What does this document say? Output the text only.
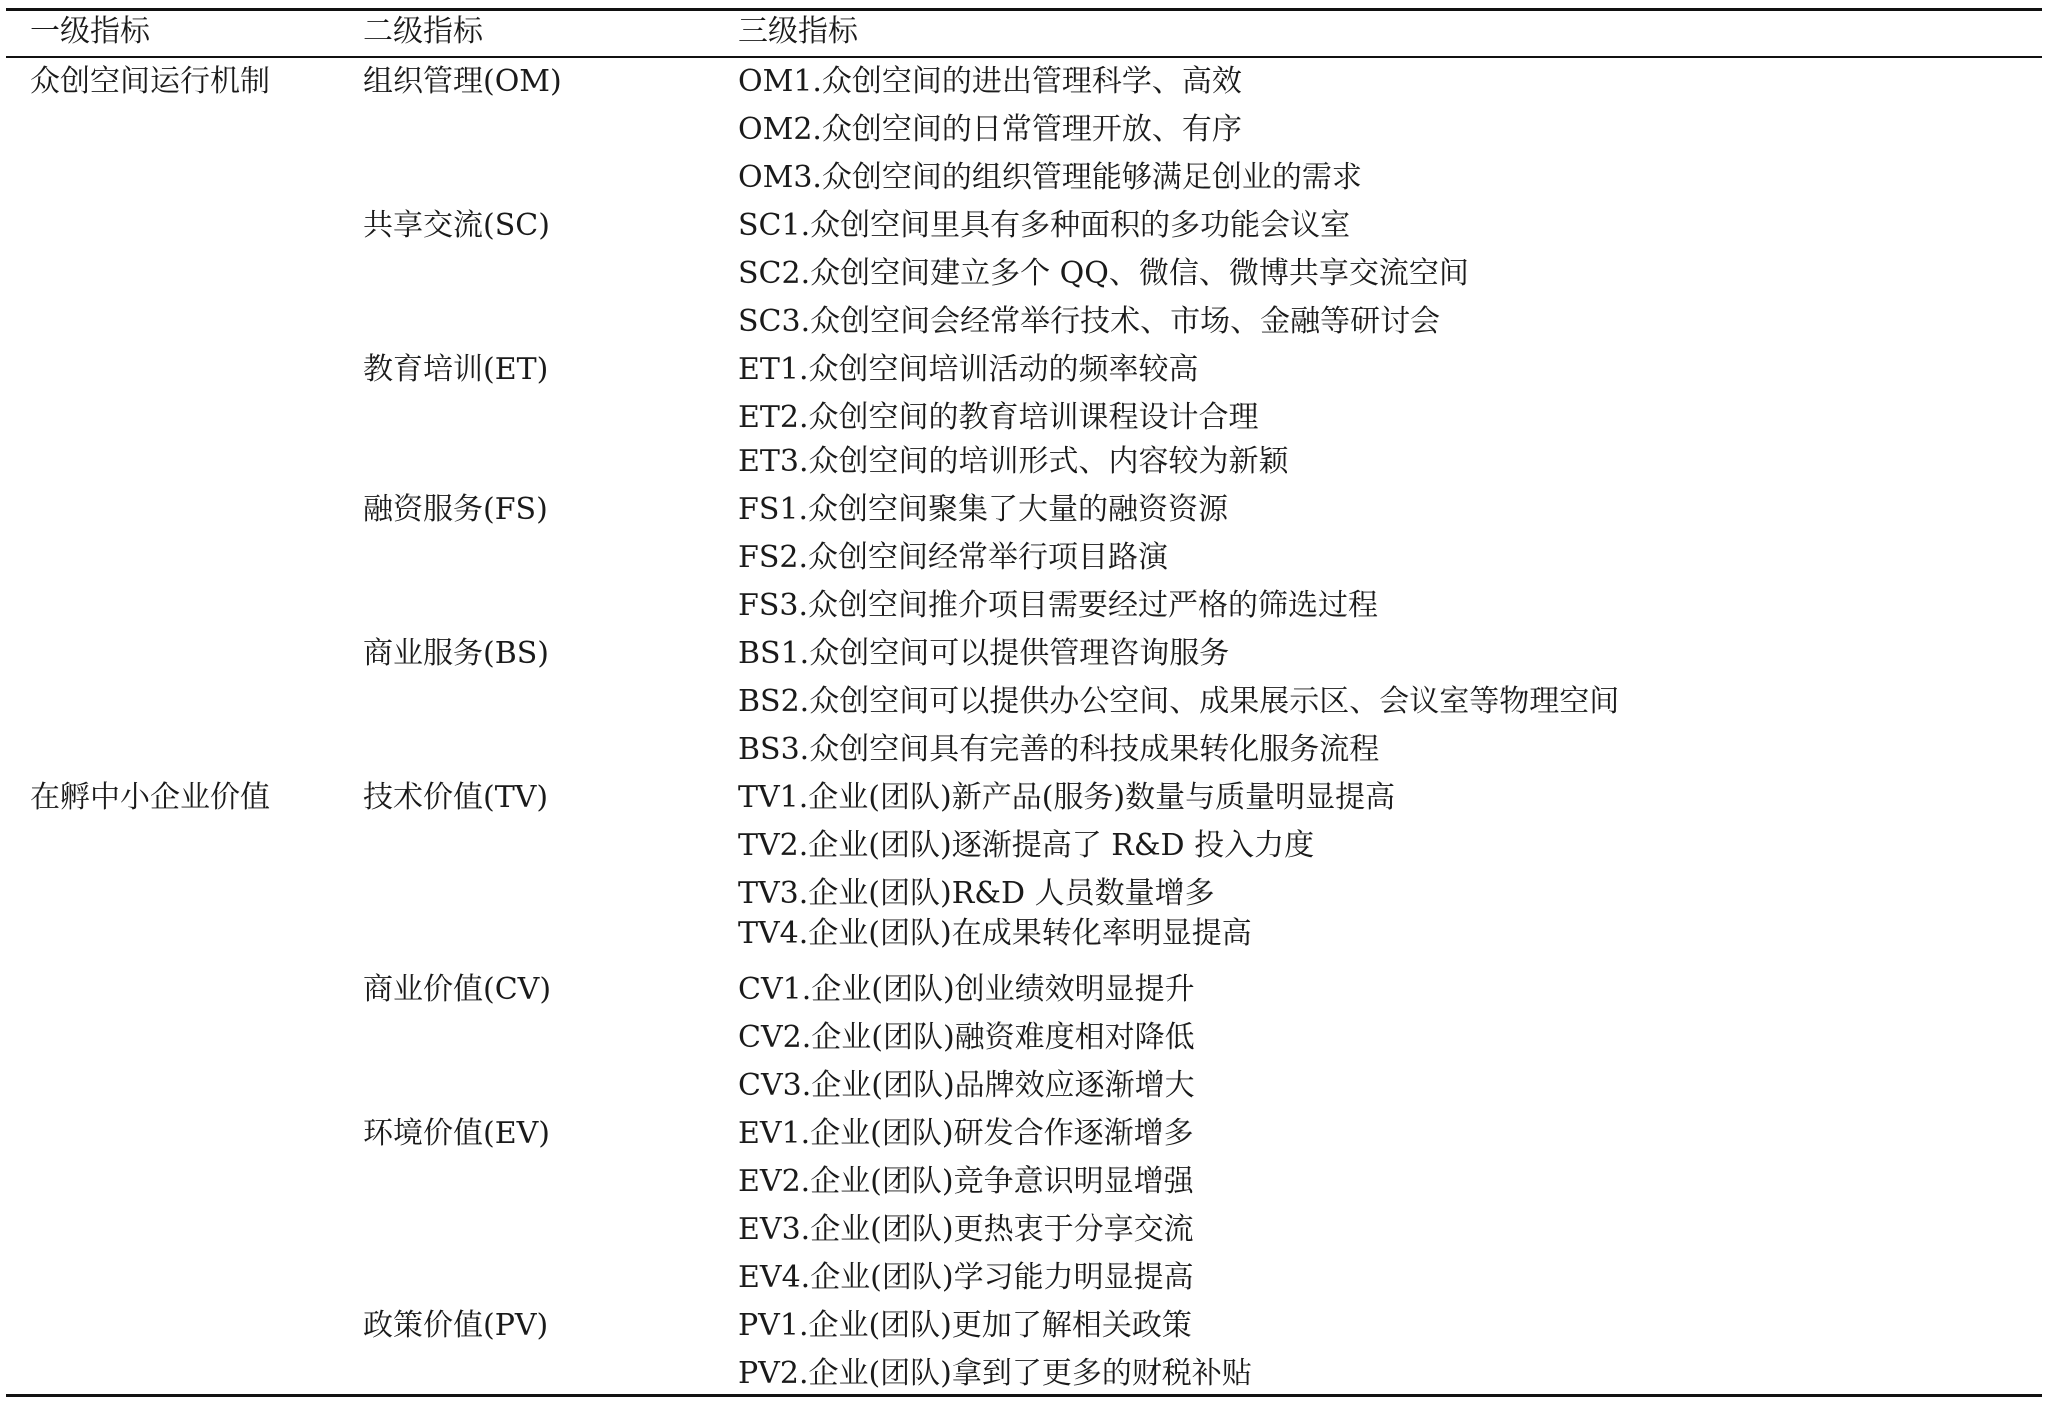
一级指标	二级指标	三级指标
众创空间运行机制	组织管理(OM)	OM1.众创空间的进出管理科学、高效
OM2.众创空间的日常管理开放、有序
OM3.众创空间的组织管理能够满足创业的需求
共享交流(SC)	SC1.众创空间里具有多种面积的多功能会议室
SC2.众创空间建立多个 QQ、微信、微博共享交流空间
SC3.众创空间会经常举行技术、市场、金融等研讨会
教育培训(ET)	ET1.众创空间培训活动的频率较高
ET2.众创空间的教育培训课程设计合理
ET3.众创空间的培训形式、内容较为新颖
融资服务(FS)	FS1.众创空间聚集了大量的融资资源
FS2.众创空间经常举行项目路演
FS3.众创空间推介项目需要经过严格的筛选过程
商业服务(BS)	BS1.众创空间可以提供管理咨询服务
BS2.众创空间可以提供办公空间、成果展示区、会议室等物理空间
BS3.众创空间具有完善的科技成果转化服务流程
在孵中小企业价值	技术价值(TV)	TV1.企业(团队)新产品(服务)数量与质量明显提高
TV2.企业(团队)逐渐提高了 R&D 投入力度
TV3.企业(团队)R&D 人员数量增多
TV4.企业(团队)在成果转化率明显提高
商业价值(CV)	CV1.企业(团队)创业绩效明显提升
CV2.企业(团队)融资难度相对降低
CV3.企业(团队)品牌效应逐渐增大
环境价值(EV)	EV1.企业(团队)研发合作逐渐增多
EV2.企业(团队)竞争意识明显增强
EV3.企业(团队)更热衷于分享交流
EV4.企业(团队)学习能力明显提高
政策价值(PV)	PV1.企业(团队)更加了解相关政策
PV2.企业(团队)拿到了更多的财税补贴
